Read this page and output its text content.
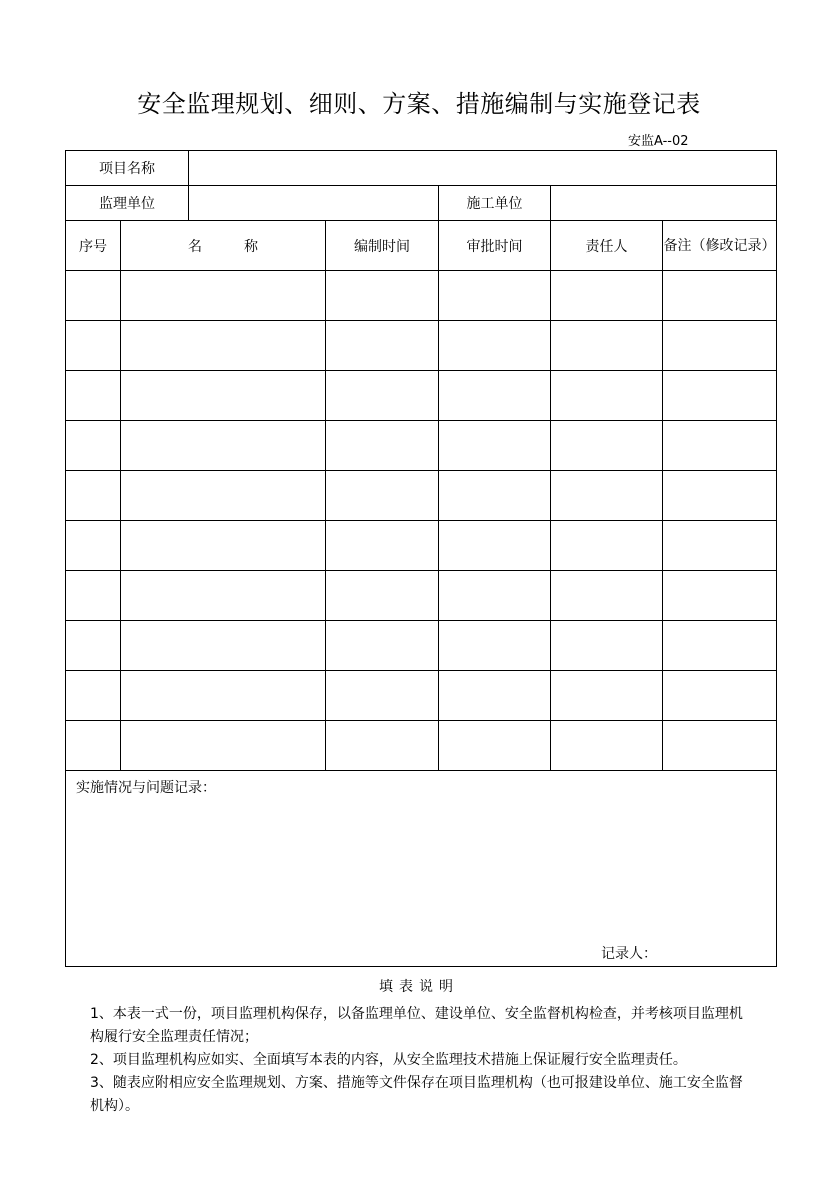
安全监理规划、细则、方案、措施编制与实施登记表
安监A--02
项目名称						
监理单位				施工单位		
序号	名　　　称		编制时间	审批时间	责任人	备注（修改记录）

实施情况与问题记录：
记录人：						
填表说明

1、本表一式一份，项目监理机构保存，以备监理单位、建设单位、安全监督机构检查，并考核项目监理机构履行安全监理责任情况；

2、项目监理机构应如实、全面填写本表的内容，从安全监理技术措施上保证履行安全监理责任。

3、随表应附相应安全监理规划、方案、措施等文件保存在项目监理机构（也可报建设单位、施工安全监督机构）。
